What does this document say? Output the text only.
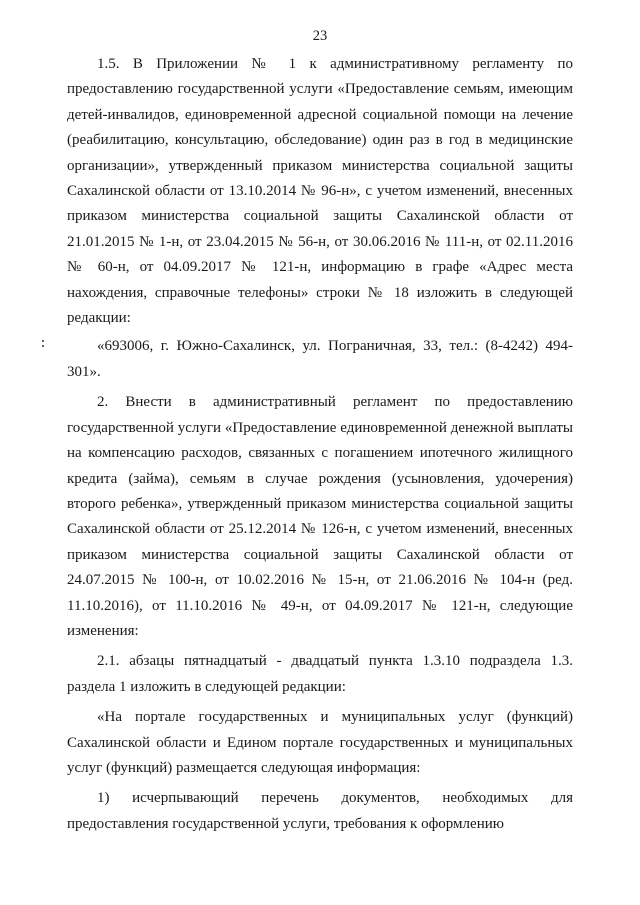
23

1.5. В Приложении № 1 к административному регламенту по предоставлению государственной услуги «Предоставление семьям, имеющим детей-инвалидов, единовременной адресной социальной помощи на лечение (реабилитацию, консультацию, обследование) один раз в год в медицинские организации», утвержденный приказом министерства социальной защиты Сахалинской области от 13.10.2014 № 96-н», с учетом изменений, внесенных приказом министерства социальной защиты Сахалинской области от 21.01.2015 № 1-н, от 23.04.2015 № 56-н, от 30.06.2016 № 111-н, от 02.11.2016 № 60-н, от 04.09.2017 № 121-н, информацию в графе «Адрес места нахождения, справочные телефоны» строки № 18 изложить в следующей редакции:

«693006, г. Южно-Сахалинск, ул. Пограничная, 33, тел.: (8-4242) 494-301».

2. Внести в административный регламент по предоставлению государственной услуги «Предоставление единовременной денежной выплаты на компенсацию расходов, связанных с погашением ипотечного жилищного кредита (займа), семьям в случае рождения (усыновления, удочерения) второго ребенка», утвержденный приказом министерства социальной защиты Сахалинской области от 25.12.2014 № 126-н, с учетом изменений, внесенных приказом министерства социальной защиты Сахалинской области от 24.07.2015 № 100-н, от 10.02.2016 № 15-н, от 21.06.2016 № 104-н (ред. 11.10.2016), от 11.10.2016 № 49-н, от 04.09.2017 № 121-н, следующие изменения:

2.1. абзацы пятнадцатый - двадцатый пункта 1.3.10 подраздела 1.3. раздела 1 изложить в следующей редакции:

«На портале государственных и муниципальных услуг (функций) Сахалинской области и Едином портале государственных и муниципальных услуг (функций) размещается следующая информация:

1) исчерпывающий перечень документов, необходимых для предоставления государственной услуги, требования к оформлению
